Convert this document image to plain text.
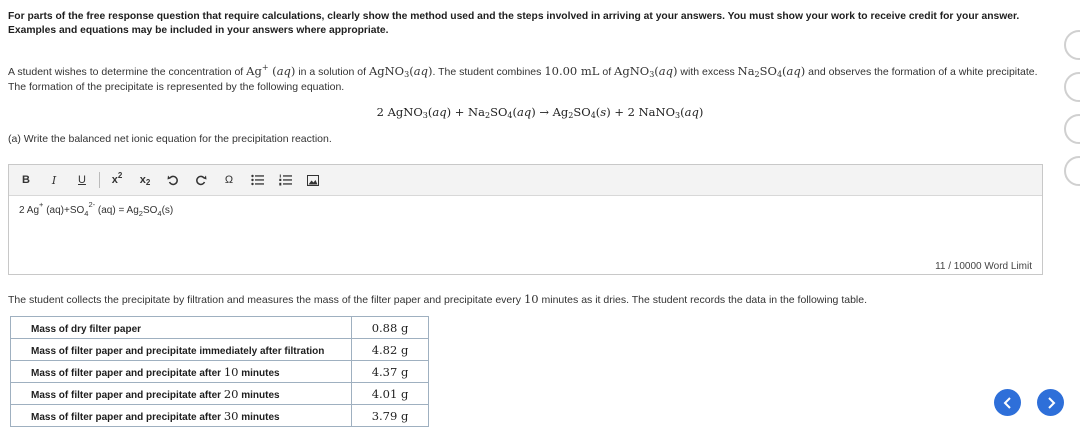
For parts of the free response question that require calculations, clearly show the method used and the steps involved in arriving at your answers. You must show your work to receive credit for your answer. Examples and equations may be included in your answers where appropriate.
A student wishes to determine the concentration of Ag+ (aq) in a solution of AgNO$_3$(aq). The student combines 10.00 mL of AgNO$_3$(aq) with excess $Na_2SO_4(aq)$ and observes the formation of a white precipitate. The formation of the precipitate is represented by the following equation.
2 AgNO$_3$(aq) + $Na_2SO_4(aq) \to Ag_2SO_4(s) + 2$ NaNO$_3$(aq)
(a) Write the balanced net ionic equation for the precipitation reaction.
B	I	U	$x^2$ $x_2$	Ω
2 Ag+ $(aq)+SO_4^{2-}$ $(aq) = Ag_2SO_4(s)$
11 / 10000 Word Limit
The student collects the precipitate by filtration and measures the mass of the filter paper and precipitate every 10 minutes as it dries. The student records the data in the following table.
Mass of dry filter paper	0.88 g
Mass of filter paper and precipitate immediately after filtration	4.82 g
Mass of filter paper and precipitate after 10 minutes	4.37 g
Mass of filter paper and precipitate after 20 minutes	4.01 g
Mass of filter paper and precipitate after 30 minutes	3.79 g
